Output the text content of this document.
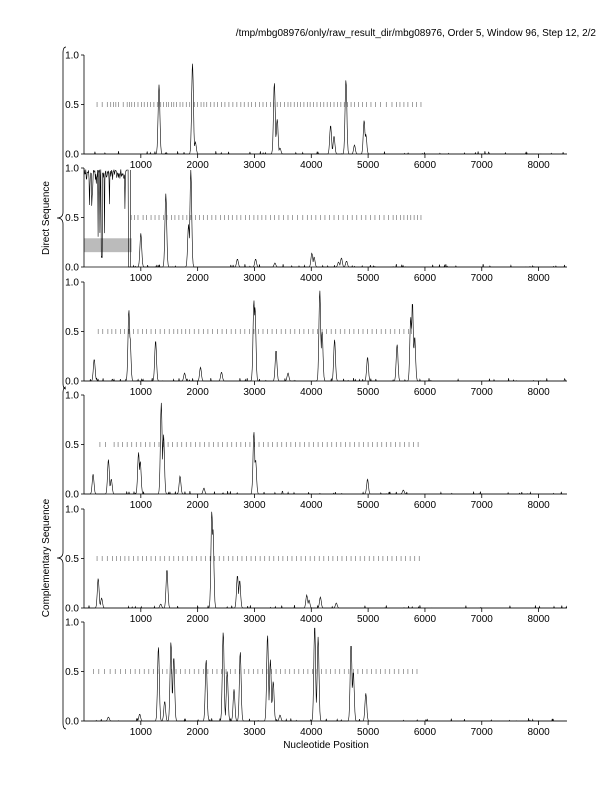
/tmp/mbg08976/only/raw_result_dir/mbg08976, Order 5, Window 96, Step 12, 2/2
Nucleotide Position
Direct Sequence
Complementary Sequence
0.0
0.5
1.0
1000	2000	3000	4000	5000	6000	7000	8000
0.0
0.5
1.0
1000	2000	3000	4000	5000	6000	7000	8000
0.0
0.5
1.0
1000	2000	3000	4000	5000	6000	7000	8000
0.0
0.5
1.0
1000	2000	3000	4000	5000	6000	7000	8000
0.0
0.5
1.0
1000	2000	3000	4000	5000	6000	7000	8000
0.0
0.5
1.0
1000	2000	3000	4000	5000	6000	7000	8000
